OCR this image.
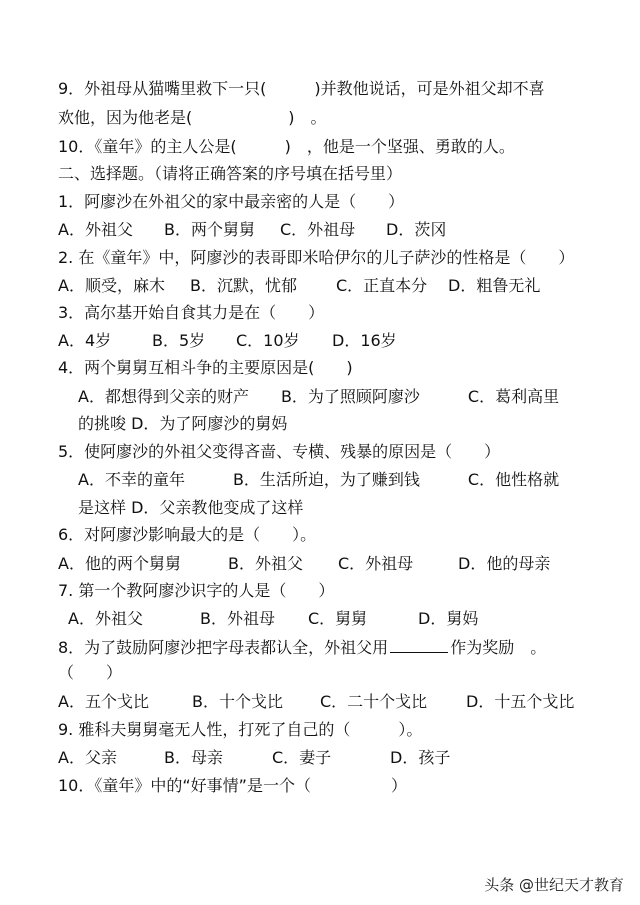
9．外祖母从猫嘴里救下一只(　　　)并教他说话，可是外祖父却不喜
欢他，因为他老是(　　　　　　)　。
10．《童年》的主人公是(　　　)　，他是一个坚强、勇敢的人。
二、选择题。（请将正确答案的序号填在括号里）
1．阿廖沙在外祖父的家中最亲密的人是（　　）
A．外祖父 B．两个舅舅 C．外祖母 D．茨冈
2. 在《童年》中，阿廖沙的表哥即米哈伊尔的儿子萨沙的性格是（　　）
A．顺受，麻木 B．沉默，忧郁 C．正直本分 D．粗鲁无礼
3．高尔基开始自食其力是在（　　）
A．4岁	B．5岁 C．10岁 D．16岁
4．两个舅舅互相斗争的主要原因是(　　)
A．都想得到父亲的财产　　B．为了照顾阿廖沙　　　C．葛利高里
的挑唆 D．为了阿廖沙的舅妈
5．使阿廖沙的外祖父变得吝啬、专横、残暴的原因是（　　）
A．不幸的童年　　　B．生活所迫，为了赚到钱　　　C．他性格就
是这样 D．父亲教他变成了这样
6．对阿廖沙影响最大的是（　　）。
A．他的两个舅舅	B．外祖父 C．外祖母	D．他的母亲
7. 第一个教阿廖沙识字的人是（　　）
A．外祖父	B．外祖母 C．舅舅	D．舅妈
8．为了鼓励阿廖沙把字母表都认全，外祖父用	作为奖励　。
（　　）
A．五个戈比	B．十个戈比 C．二十个戈比 D．十五个戈比
9. 雅科夫舅舅毫无人性，打死了自己的（　　　）。
A．父亲	B．母亲	C．妻子	D．孩子
10．《童年》中的“好事情”是一个（　　　　　）
头条 @世纪天才教育
